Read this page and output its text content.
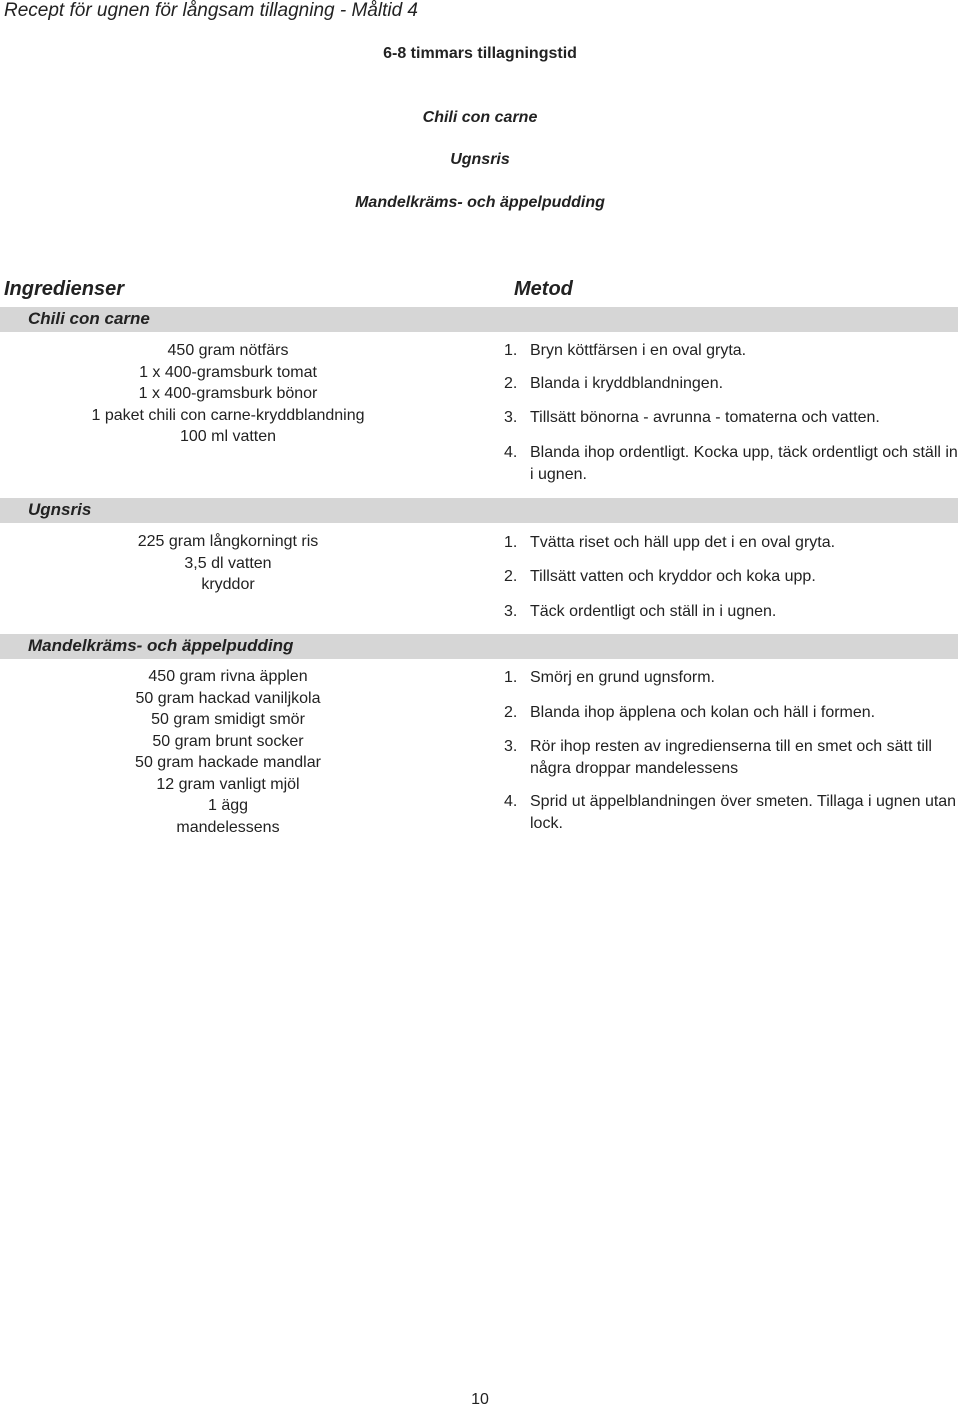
Recept för ugnen för långsam tillagning - Måltid 4
6-8 timmars tillagningstid
Chili con carne
Ugnsris
Mandelkräms- och äppelpudding
Ingredienser	Metod
Chili con carne
450 gram nötfärs
1 x 400-gramsburk tomat
1 x 400-gramsburk bönor
1 paket chili con carne-kryddblandning
100 ml vatten
1. Bryn köttfärsen i en oval gryta.
2. Blanda i kryddblandningen.
3. Tillsätt bönorna - avrunna - tomaterna och vatten.
4. Blanda ihop ordentligt. Kocka upp, täck ordentligt och ställ in i ugnen.
Ugnsris
225 gram långkorningt ris
3,5 dl vatten
kryddor
1. Tvätta riset och häll upp det i en oval gryta.
2. Tillsätt vatten och kryddor och koka upp.
3. Täck ordentligt och ställ in i ugnen.
Mandelkräms- och äppelpudding
450 gram rivna äpplen
50 gram hackad vaniljkola
50 gram smidigt smör
50 gram brunt socker
50 gram hackade mandlar
12 gram vanligt mjöl
1 ägg
mandelessens
1. Smörj en grund ugnsform.
2. Blanda ihop äpplena och kolan och häll i formen.
3. Rör ihop resten av ingredienserna till en smet och sätt till några droppar mandelessens
4. Sprid ut äppelblandningen över smeten. Tillaga i ugnen utan lock.
10
